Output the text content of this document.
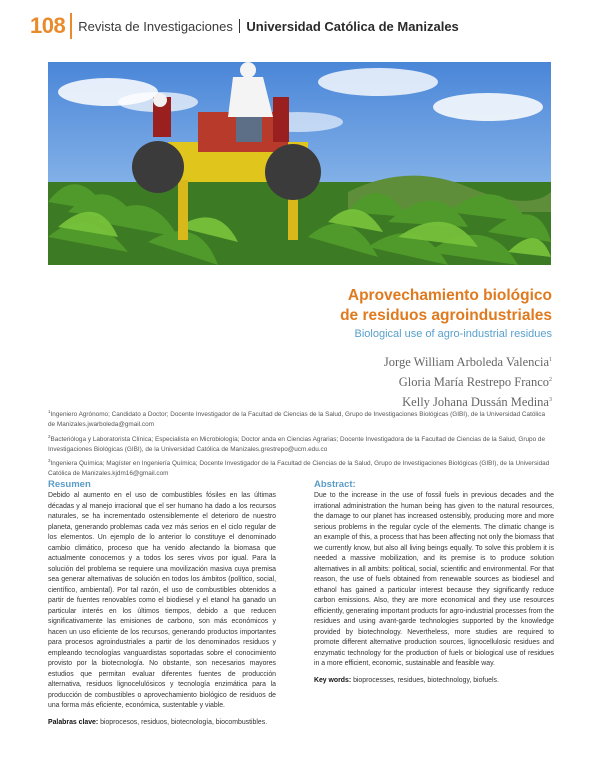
108 Revista de Investigaciones Universidad Católica de Manizales
Aprovechamiento biológico
de residuos agroindustriales
Biological use of agro-industrial residues
Jorge William Arboleda Valencia$^1$
Gloria María Restrepo Franco$^2$
Kelly Johana Dussán Medina$^3$

$^1$Ingeniero Agrónomo; Candidato a Doctor; Docente Investigador de la Facultad de Ciencias de la Salud, Grupo de Investigaciones Biológicas (GIBI), de la Universidad Católica de Manizales.jwarboleda@gmail.com

$^2$Bacterióloga y Laboratorista Clínica; Especialista en Microbiología; Doctor anda en Ciencias Agrarias; Docente Investigadora de la Facultad de Ciencias de la Salud, Grupo de Investigaciones Biológicas (GIBI), de la Universidad Católica de Manizales.grestrepo@ucm.edu.co

$^3$Ingeniera Química; Magíster en Ingeniería Química; Docente Investigador de la Facultad de Ciencias de la Salud, Grupo de Investigaciones Biológicas (GIBI), de la Universidad Católica de Manizales.kjdm16@gmail.com

Resumen
Debido al aumento en el uso de combustibles fósiles en las últimas décadas y al manejo irracional que el ser humano ha dado a los recursos naturales, se ha incrementado ostensiblemente el deterioro de nuestro planeta, generando problemas cada vez más serios en el ciclo regular de los elementos. Un ejemplo de lo anterior lo constituye el denominado cambio climático, proceso que ha venido afectando la biomasa que actualmente conocemos y a todos los seres vivos por igual. Para la solución del problema se requiere una movilización masiva cuya premisa sea generar alternativas de solución en todos los ámbitos (político, social, científico, ambiental). Por tal razón, el uso de combustibles obtenidos a partir de fuentes renovables como el biodiesel y el etanol ha ganado un particular interés en los últimos tiempos, debido a que reducen significativamente las emisiones de carbono, son más económicos y hacen un uso eficiente de los recursos, generando productos importantes para procesos agroindustriales a partir de los denominados residuos y empleando tecnologías vanguardistas soportadas sobre el conocimiento provisto por la biotecnología. No obstante, son necesarios mayores estudios que permitan evaluar diferentes fuentes de producción alternativa, residuos lignocelulósicos y tecnología enzimática para la producción de combustibles o aprovechamiento biológico de residuos de una forma más eficiente, económica, sustentable y viable.
Palabras clave: bioprocesos, residuos, biotecnología, biocombustibles.
Abstract:
Due to the increase in the use of fossil fuels in previous decades and the irrational administration the human being has given to the natural resources, the damage to our planet has increased ostensibly, producing more and more serious problems in the regular cycle of the elements. The climatic change is an example of this, a process that has been affecting not only the biomass that we currently know, but also all living beings equally. To solve this problem it is needed a massive mobilization, and its premise is to produce solution alternatives in all ambits: political, social, scientific and environmental. For that reason, the use of fuels obtained from renewable sources as biodiesel and ethanol has gained a particular interest because they significantly reduce carbon emissions. Also, they are more economical and they use resources efficiently, generating important products for agro-industrial processes from the residues and using avant-garde technologies supported by the knowledge provided by biotechnology. Nevertheless, more studies are required to promote different alternative production sources, lignocellulosic residues and enzymatic technology for the production of fuels or biological use of residues in a more efficient, economic, sustainable and feasible way.
Key words: bioprocesses, residues, biotechnology, biofuels.
